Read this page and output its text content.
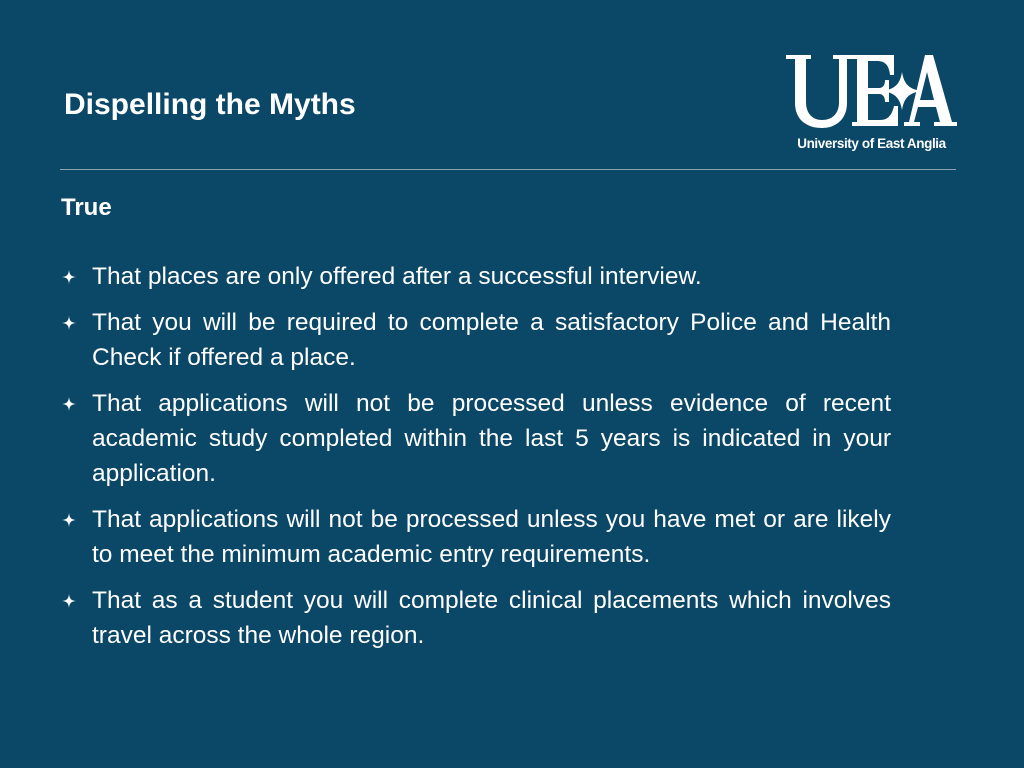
Dispelling the Myths
University of East Anglia
True
That places are only offered after a successful interview.
That you will be required to complete a satisfactory Police and Health Check if offered a place.
That applications will not be processed unless evidence of recent academic study completed within the last 5 years is indicated in your application.
That applications will not be processed unless you have met or are likely to meet the minimum academic entry requirements.
That as a student you will complete clinical placements which involves travel across the whole region.
